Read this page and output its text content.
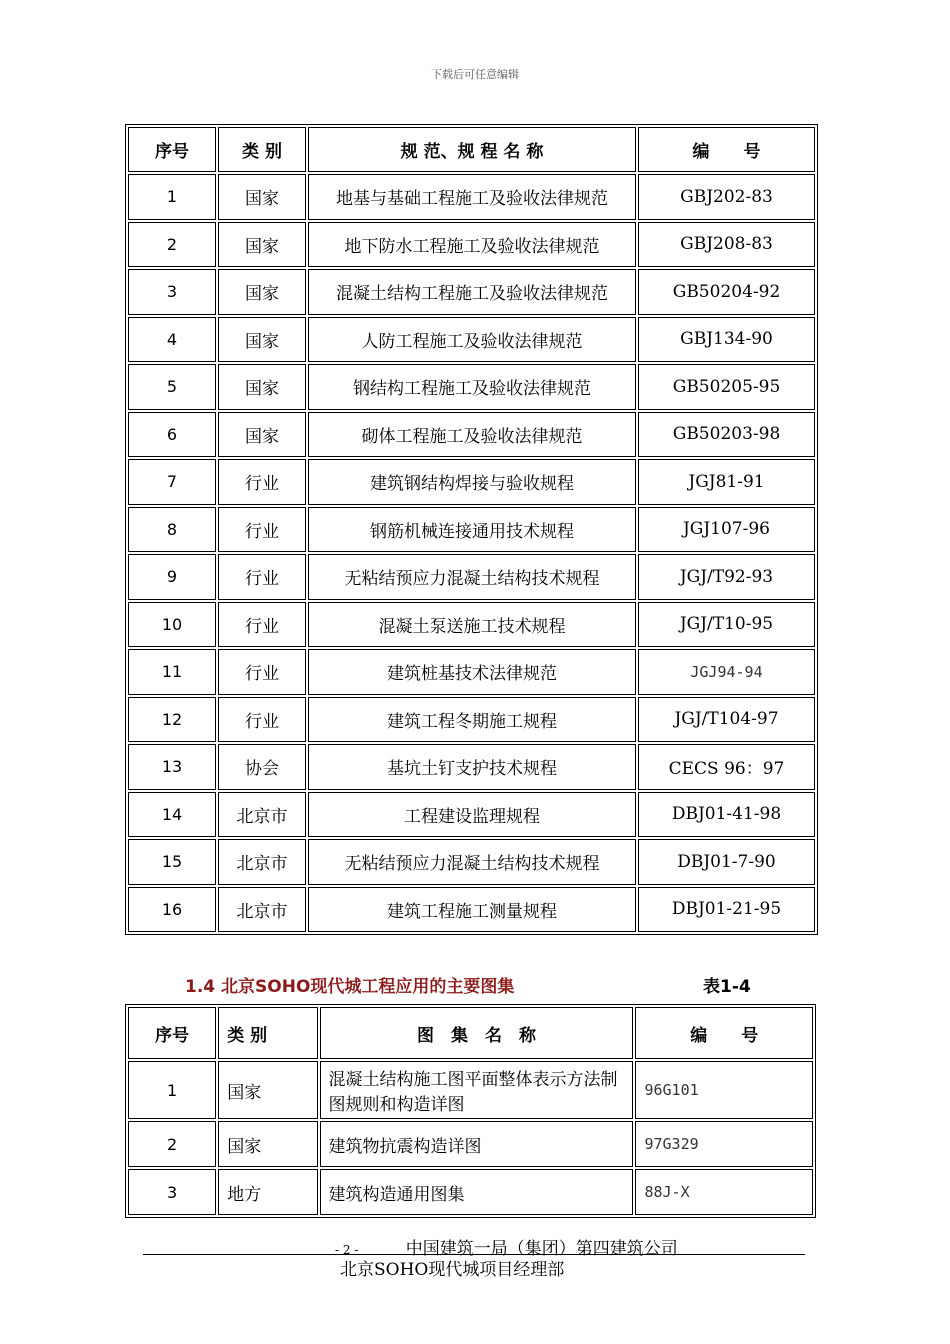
下载后可任意编辑
序号	类 别	规 范、规 程 名 称	编　　号
1	国家	地基与基础工程施工及验收法律规范	GBJ202-83
2	国家	地下防水工程施工及验收法律规范	GBJ208-83
3	国家	混凝土结构工程施工及验收法律规范	GB50204-92
4	国家	人防工程施工及验收法律规范	GBJ134-90
5	国家	钢结构工程施工及验收法律规范	GB50205-95
6	国家	砌体工程施工及验收法律规范	GB50203-98
7	行业	建筑钢结构焊接与验收规程	JGJ81-91
8	行业	钢筋机械连接通用技术规程	JGJ107-96
9	行业	无粘结预应力混凝土结构技术规程	JGJ/T92-93
10	行业	混凝土泵送施工技术规程	JGJ/T10-95
11	行业	建筑桩基技术法律规范	JGJ94-94
12	行业	建筑工程冬期施工规程	JGJ/T104-97
13	协会	基坑土钉支护技术规程	CECS 96：97
14	北京市	工程建设监理规程	DBJ01-41-98
15	北京市	无粘结预应力混凝土结构技术规程	DBJ01-7-90
16	北京市	建筑工程施工测量规程	DBJ01-21-95
1.4 北京SOHO现代城工程应用的主要图集	表1-4
序号	类 别	图　集　名　称	编　　号
1	国家	混凝土结构施工图平面整体表示方法制图规则和构造详图	96G101
2	国家	建筑物抗震构造详图	97G329
3	地方	建筑构造通用图集	88J-X
- 2 -	中国建筑一局（集团）第四建筑公司
北京SOHO现代城项目经理部
